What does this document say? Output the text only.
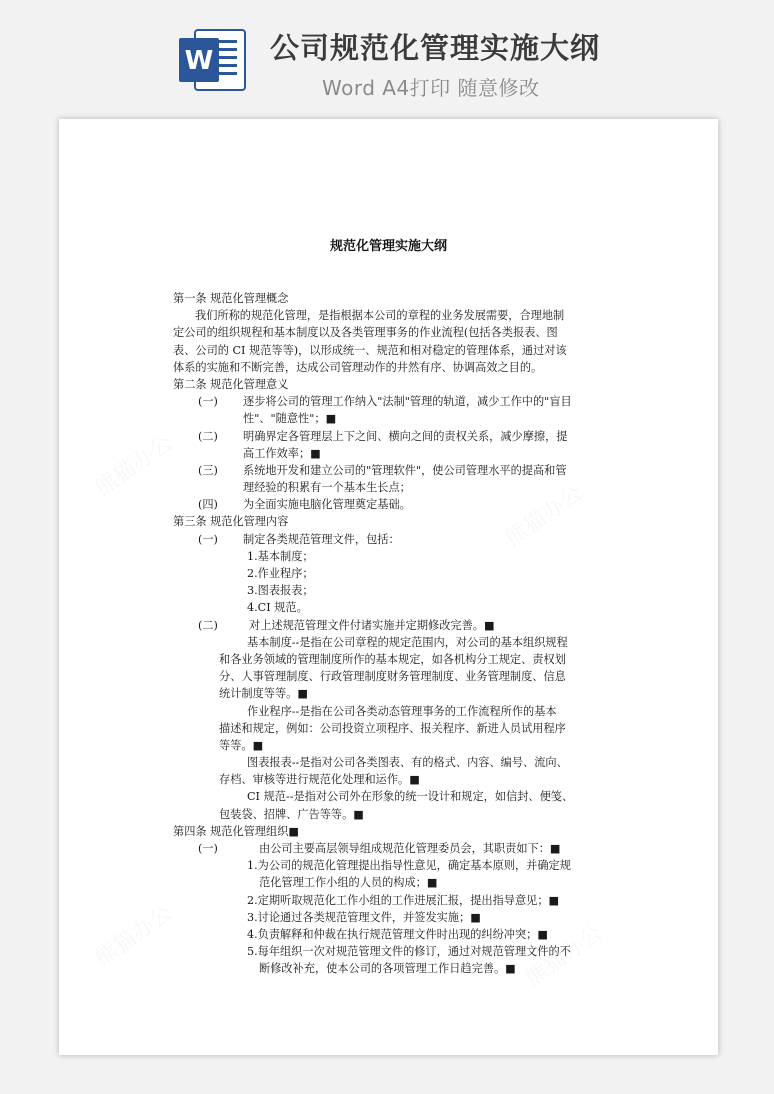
W 公司规范化管理实施大纲
Word A4打印 随意修改
规范化管理实施大纲
第一条 规范化管理概念
我们所称的规范化管理，是指根据本公司的章程的业务发展需要，合理地制
定公司的组织规程和基本制度以及各类管理事务的作业流程(包括各类报表、图
表、公司的 CI 规范等等)，以形成统一、规范和相对稳定的管理体系，通过对该
体系的实施和不断完善，达成公司管理动作的井然有序、协调高效之目的。
第二条 规范化管理意义
(一) 逐步将公司的管理工作纳入"法制"管理的轨道，减少工作中的"盲目
性"、"随意性"；■
(二) 明确界定各管理层上下之间、横向之间的责权关系，减少摩擦，提
高工作效率；■
(三) 系统地开发和建立公司的"管理软件"，使公司管理水平的提高和管
理经验的积累有一个基本生长点；
(四) 为全面实施电脑化管理奠定基础。
第三条 规范化管理内容
(一) 制定各类规范管理文件，包括：
1.基本制度；
2.作业程序；
3.图表报表；
4.CI 规范。
(二)	对上述规范管理文件付诸实施并定期修改完善。■
基本制度--是指在公司章程的规定范围内，对公司的基本组织规程
和各业务领域的管理制度所作的基本规定，如各机构分工规定、责权划
分、人事管理制度、行政管理制度财务管理制度、业务管理制度、信息
统计制度等等。■
作业程序--是指在公司各类动态管理事务的工作流程所作的基本
描述和规定，例如：公司投资立项程序、报关程序、新进人员试用程序
等等。■
图表报表--是指对公司各类图表、有的格式、内容、编号、流向、
存档、审核等进行规范化处理和运作。■
CI 规范--是指对公司外在形象的统一设计和规定，如信封、便笺、
包装袋、招牌、广告等等。■
第四条 规范化管理组织■
(一)	由公司主要高层领导组成规范化管理委员会，其职责如下：■
1.为公司的规范化管理提出指导性意见，确定基本原则，并确定规
范化管理工作小组的人员的构成；■
2.定期听取规范化工作小组的工作进展汇报，提出指导意见；■
3.讨论通过各类规范管理文件，并签发实施；■
4.负责解释和仲裁在执行规范管理文件时出现的纠纷冲突；■
5.每年组织一次对规范管理文件的修订，通过对规范管理文件的不
断修改补充，使本公司的各项管理工作日趋完善。■
